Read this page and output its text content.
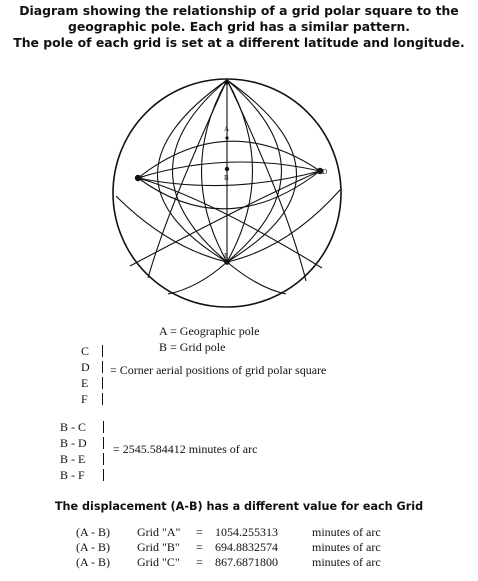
Diagram showing the relationship of a grid polar square to the
geographic pole. Each grid has a similar pattern.
The pole of each grid is set at a different latitude and longitude.
C
A
B
F
D
E
A = Geographic pole
B = Grid pole
C
D
E
F
= Corner aerial positions of grid polar square
B - C
B - D
B - E
B - F
= 2545.584412 minutes of arc
The displacement (A-B) has a different value for each Grid
(A - B) Grid "A" = 1054.255313	minutes of arc
(A - B) Grid "B" = 694.8832574	minutes of arc
(A - B) Grid "C" = 867.6871800	minutes of arc
